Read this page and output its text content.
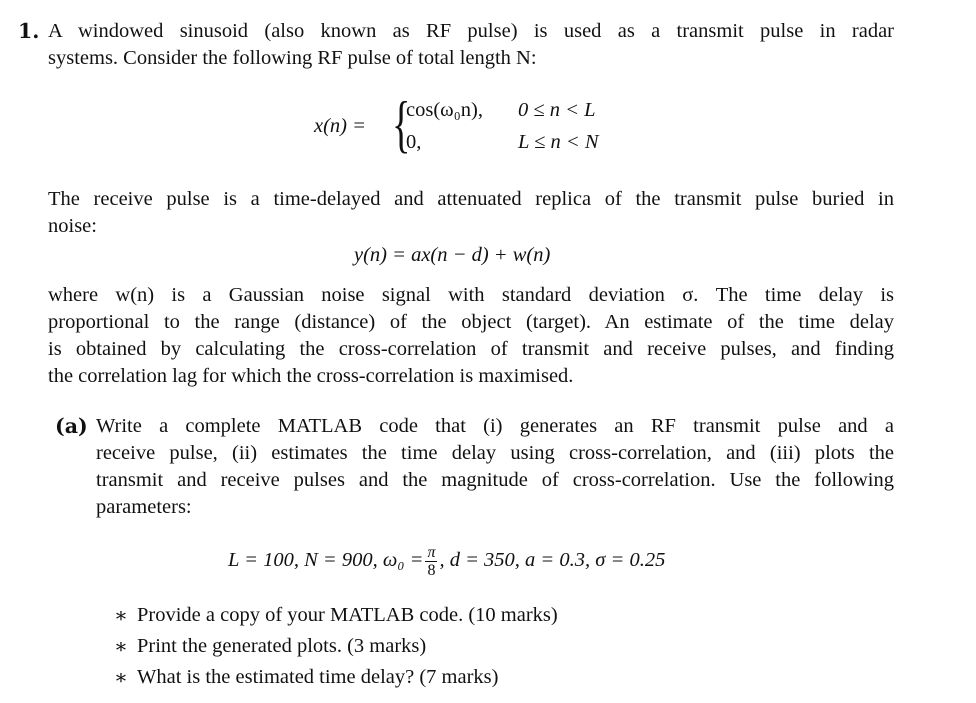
1. A windowed sinusoid (also known as RF pulse) is used as a transmit pulse in radar
systems. Consider the following RF pulse of total length N:
x(n) = {
cos(ω₀n), 0 ≤ n < L
0,	L ≤ n < N
The receive pulse is a time-delayed and attenuated replica of the transmit pulse buried in
noise:
y(n) = ax(n − d) + w(n)
where w(n) is a Gaussian noise signal with standard deviation σ. The time delay is
proportional to the range (distance) of the object (target). An estimate of the time delay
is obtained by calculating the cross-correlation of transmit and receive pulses, and finding
the correlation lag for which the cross-correlation is maximised.
(a) Write a complete MATLAB code that (i) generates an RF transmit pulse and a
receive pulse, (ii) estimates the time delay using cross-correlation, and (iii) plots the
transmit and receive pulses and the magnitude of cross-correlation. Use the following
parameters:
L = 100, N = 900, $\omega_0 = \frac{\pi}{8}$ , d = 350, a = 0.3, σ = 0.25
∗ Provide a copy of your MATLAB code. (10 marks)
∗ Print the generated plots. (3 marks)
∗ What is the estimated time delay? (7 marks)
